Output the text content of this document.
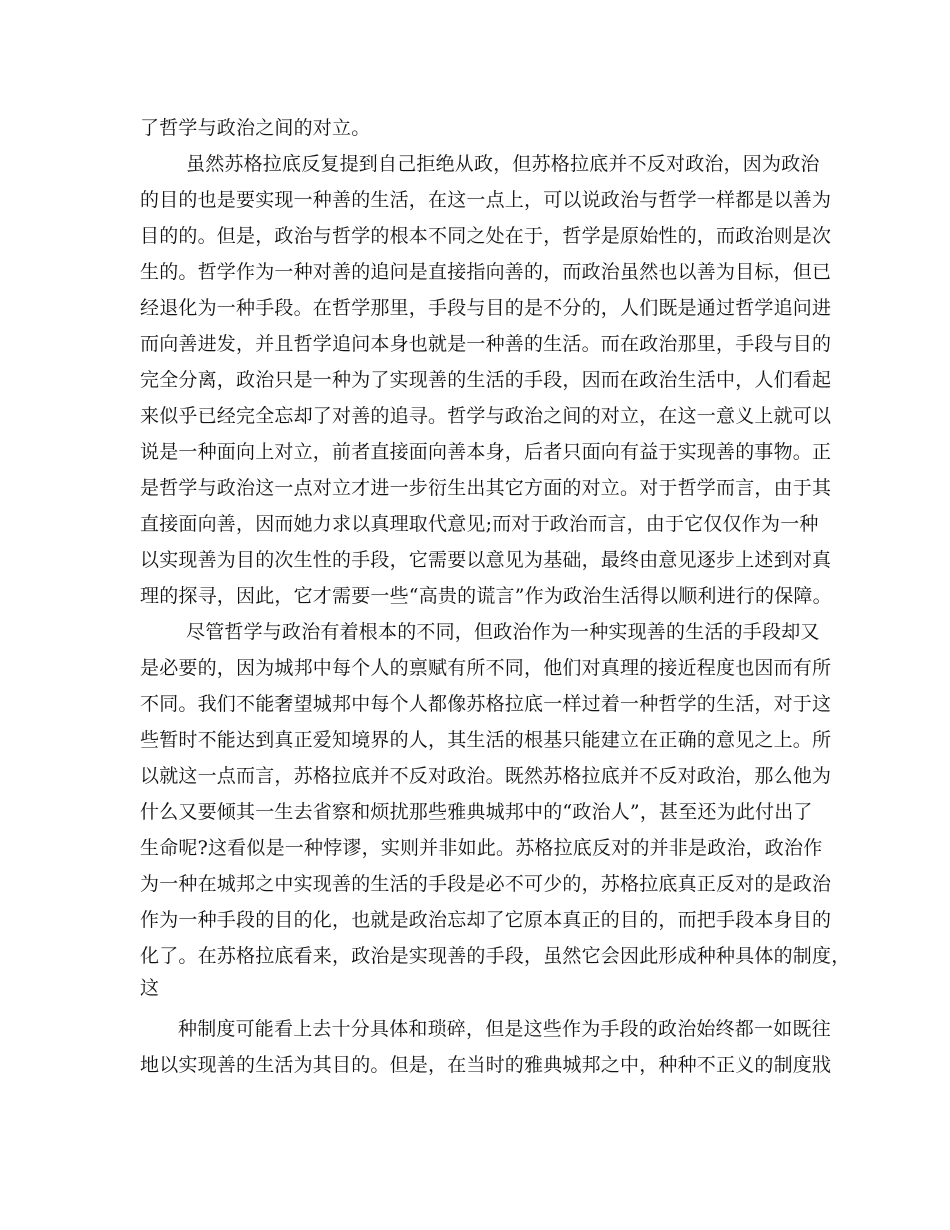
了哲学与政治之间的对立。
虽然苏格拉底反复提到自己拒绝从政，但苏格拉底并不反对政治，因为政治
的目的也是要实现一种善的生活，在这一点上，可以说政治与哲学一样都是以善为
目的的。但是，政治与哲学的根本不同之处在于，哲学是原始性的，而政治则是次
生的。哲学作为一种对善的追问是直接指向善的，而政治虽然也以善为目标，但已
经退化为一种手段。在哲学那里，手段与目的是不分的，人们既是通过哲学追问进
而向善进发，并且哲学追问本身也就是一种善的生活。而在政治那里，手段与目的
完全分离，政治只是一种为了实现善的生活的手段，因而在政治生活中，人们看起
来似乎已经完全忘却了对善的追寻。哲学与政治之间的对立，在这一意义上就可以
说是一种面向上对立，前者直接面向善本身，后者只面向有益于实现善的事物。正
是哲学与政治这一点对立才进一步衍生出其它方面的对立。对于哲学而言，由于其
直接面向善，因而她力求以真理取代意见;而对于政治而言，由于它仅仅作为一种
以实现善为目的次生性的手段，它需要以意见为基础，最终由意见逐步上述到对真
理的探寻，因此，它才需要一些“高贵的谎言”作为政治生活得以顺利进行的保障。
尽管哲学与政治有着根本的不同，但政治作为一种实现善的生活的手段却又
是必要的，因为城邦中每个人的禀赋有所不同，他们对真理的接近程度也因而有所
不同。我们不能奢望城邦中每个人都像苏格拉底一样过着一种哲学的生活，对于这
些暂时不能达到真正爱知境界的人，其生活的根基只能建立在正确的意见之上。所
以就这一点而言，苏格拉底并不反对政治。既然苏格拉底并不反对政治，那么他为
什么又要倾其一生去省察和烦扰那些雅典城邦中的“政治人”，甚至还为此付出了
生命呢?这看似是一种悖谬，实则并非如此。苏格拉底反对的并非是政治，政治作
为一种在城邦之中实现善的生活的手段是必不可少的，苏格拉底真正反对的是政治
作为一种手段的目的化，也就是政治忘却了它原本真正的目的，而把手段本身目的
化了。在苏格拉底看来，政治是实现善的手段，虽然它会因此形成种种具体的制度，
这
种制度可能看上去十分具体和琐碎，但是这些作为手段的政治始终都一如既往
地以实现善的生活为其目的。但是，在当时的雅典城邦之中，种种不正义的制度戕
